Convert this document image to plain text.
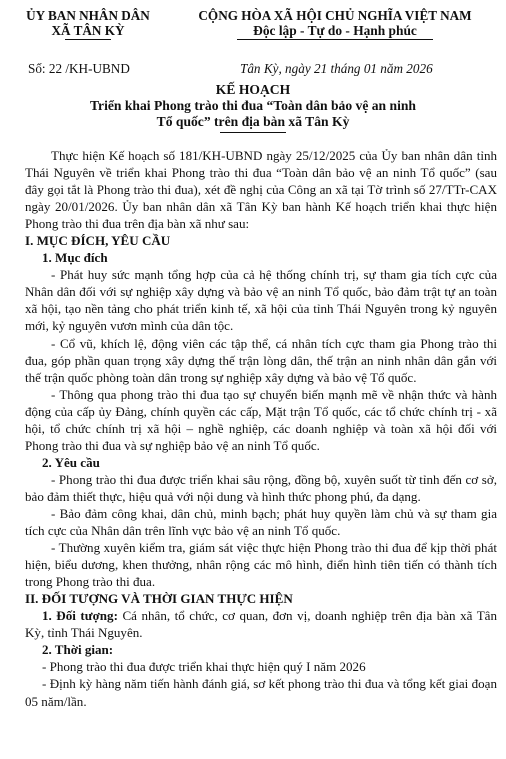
ỦY BAN NHÂN DÂN
XÃ TÂN KỲ
CỘNG HÒA XÃ HỘI CHỦ NGHĨA VIỆT NAM
Độc lập - Tự do - Hạnh phúc
Số: 22 /KH-UBND	Tân Kỳ, ngày 21 tháng 01 năm 2026
KẾ HOẠCH
Triển khai Phong trào thi đua “Toàn dân bảo vệ an ninh
Tổ quốc” trên địa bàn xã Tân Kỳ

Thực hiện Kế hoạch số 181/KH-UBND ngày 25/12/2025 của Ủy ban nhân dân tỉnh Thái Nguyên về triển khai Phong trào thi đua “Toàn dân bảo vệ an ninh Tổ quốc” (sau đây gọi tắt là Phong trào thi đua), xét đề nghị của Công an xã tại Tờ trình số 27/TTr-CAX ngày 20/01/2026. Ủy ban nhân dân xã Tân Kỳ ban hành Kế hoạch triển khai thực hiện Phong trào thi đua trên địa bàn xã như sau:

I. MỤC ĐÍCH, YÊU CẦU
1. Mục đích

- Phát huy sức mạnh tổng hợp của cả hệ thống chính trị, sự tham gia tích cực của Nhân dân đối với sự nghiệp xây dựng và bảo vệ an ninh Tổ quốc, bảo đảm trật tự an toàn xã hội, tạo nền tảng cho phát triển kinh tế, xã hội của tỉnh Thái Nguyên trong kỷ nguyên mới, kỷ nguyên vươn mình của dân tộc.

- Cổ vũ, khích lệ, động viên các tập thể, cá nhân tích cực tham gia Phong trào thi đua, góp phần quan trọng xây dựng thế trận lòng dân, thế trận an ninh nhân dân gắn với thế trận quốc phòng toàn dân trong sự nghiệp xây dựng và bảo vệ Tổ quốc.

- Thông qua phong trào thi đua tạo sự chuyển biến mạnh mẽ về nhận thức và hành động của cấp ủy Đảng, chính quyền các cấp, Mặt trận Tổ quốc, các tổ chức chính trị - xã hội, tổ chức chính trị xã hội – nghề nghiệp, các doanh nghiệp và toàn xã hội đối với Phong trào thi đua và sự nghiệp bảo vệ an ninh Tổ quốc.

2. Yêu cầu

- Phong trào thi đua được triển khai sâu rộng, đồng bộ, xuyên suốt từ tỉnh đến cơ sở, bảo đảm thiết thực, hiệu quả với nội dung và hình thức phong phú, đa dạng.

- Bảo đảm công khai, dân chủ, minh bạch; phát huy quyền làm chủ và sự tham gia tích cực của Nhân dân trên lĩnh vực bảo vệ an ninh Tổ quốc.

- Thường xuyên kiểm tra, giám sát việc thực hiện Phong trào thi đua để kịp thời phát hiện, biểu dương, khen thưởng, nhân rộng các mô hình, điển hình tiên tiến có thành tích trong Phong trào thi đua.

II. ĐỐI TƯỢNG VÀ THỜI GIAN THỰC HIỆN

1. Đối tượng: Cá nhân, tổ chức, cơ quan, đơn vị, doanh nghiệp trên địa bàn xã Tân Kỳ, tỉnh Thái Nguyên.

2. Thời gian:

- Phong trào thi đua được triển khai thực hiện quý I năm 2026

- Định kỳ hàng năm tiến hành đánh giá, sơ kết phong trào thi đua và tổng kết giai đoạn 05 năm/lần.
